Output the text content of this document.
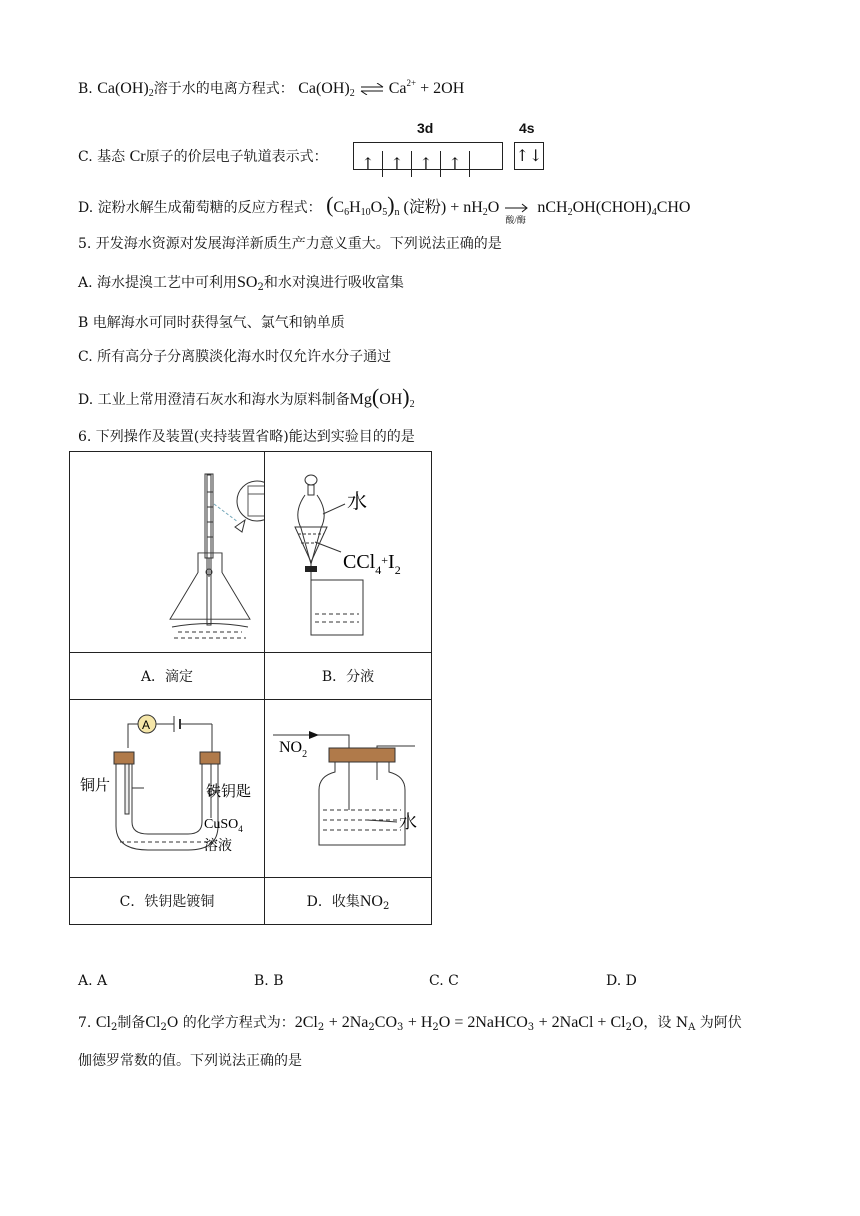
B. $Ca(OH)_2$溶于水的电离方程式： $Ca(OH)_2$ ⇌ $Ca^{2+} + 2OH$
C. 基态 Cr原子的价层电子轨道表示式：
3d	4s
↑ ↑ ↑ ↑	↑↓
D. 淀粉水解生成葡萄糖的反应方程式： $(C_6H_{10}O_5)_n$ (淀粉) + $nH_2O$
酸/酶
$nCH_2OH(CHOH)_4CHO$
5. 开发海水资源对发展海洋新质生产力意义重大。下列说法正确的是
A. 海水提溴工艺中可利用$SO_2$和水对溴进行吸收富集
B 电解海水可同时获得氢气、氯气和钠单质
C. 所有高分子分离膜淡化海水时仅允许水分子通过
D. 工业上常用澄清石灰水和海水为原料制备$Mg(OH)_2$
6. 下列操作及装置(夹持装置省略)能达到实验目的的是

水
$CCl_4^+I_2$

A．滴定	B．分液

A
铜片 铁钥匙
CuSO$_4$
溶液	$NO_2$
水

C．铁钥匙镀铜	D．收集$NO_2$
A. A	B. B	C. C	D. D
7. $Cl_2$制备$Cl_2O$ 的化学方程式为：$2Cl_2 + 2Na_2CO_3 + H_2O$ = 2NaHCO$_3$ + 2NaCl + $Cl_2O$，设 $N_A$ 为阿伏
伽德罗常数的值。下列说法正确的是
